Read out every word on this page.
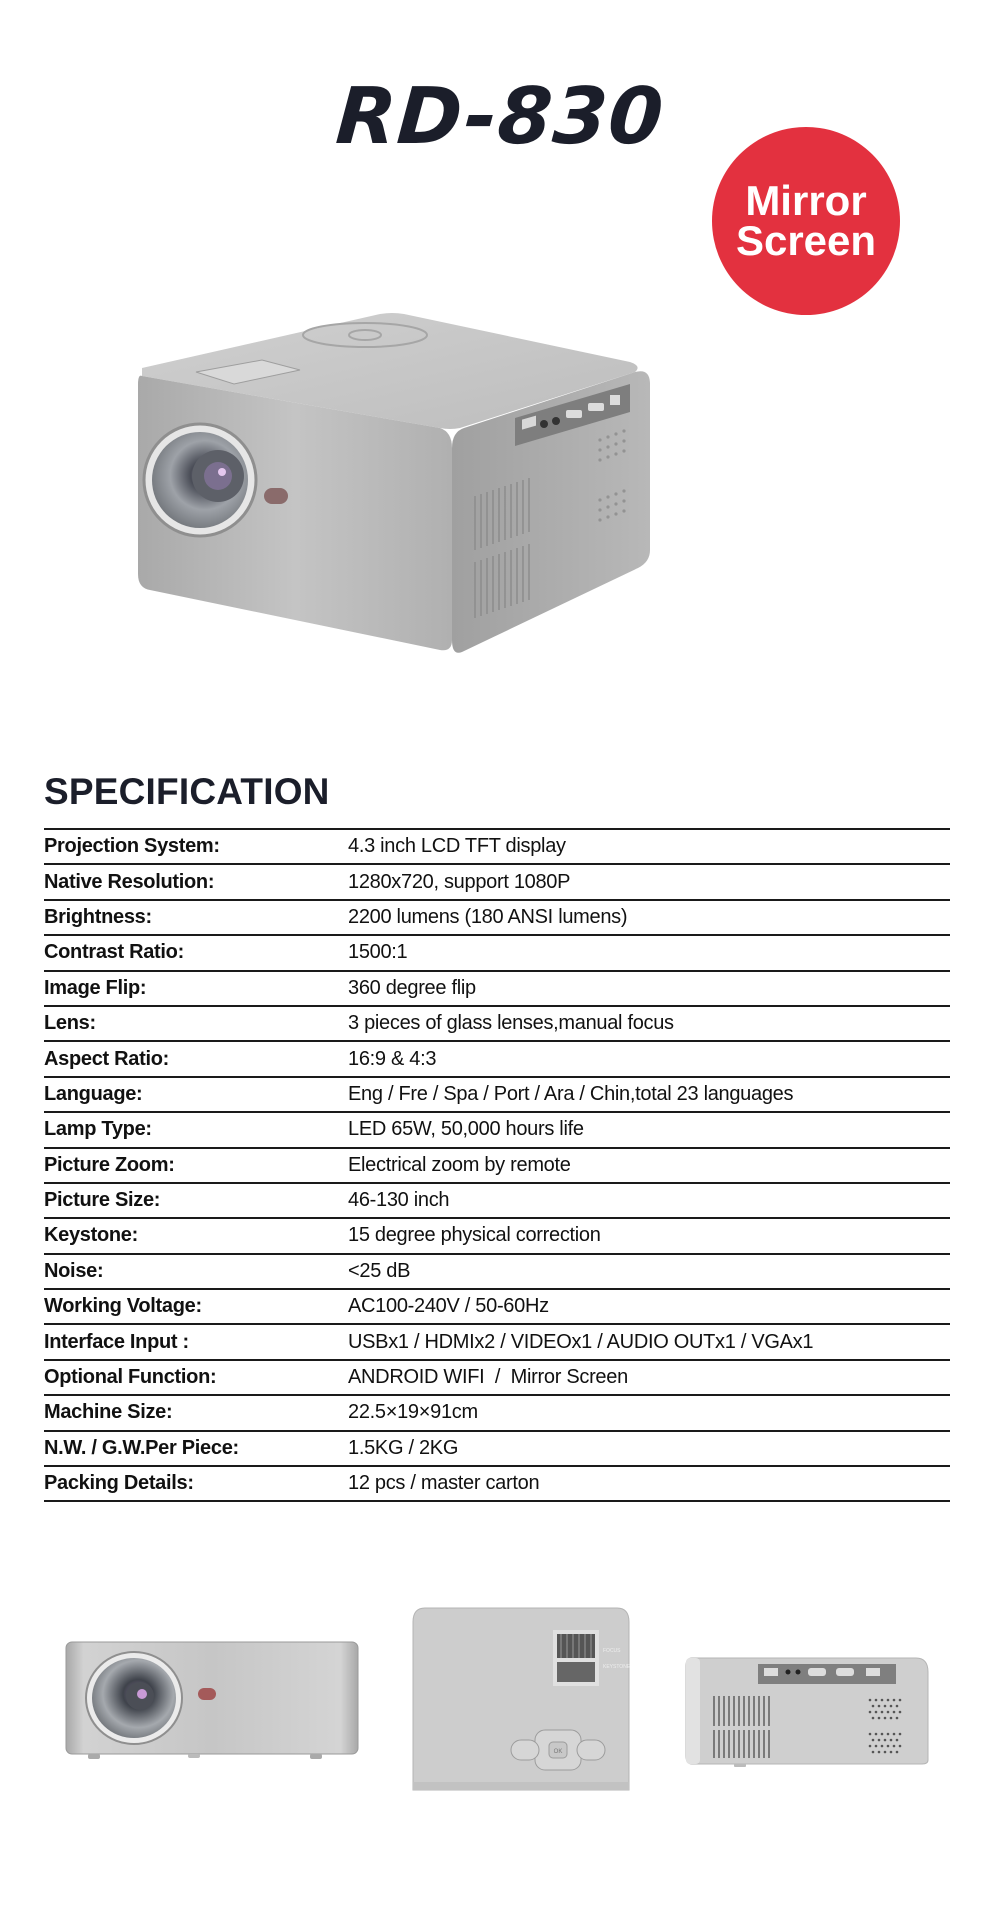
RD-830
Mirror
Screen
SPECIFICATION
Projection System:	4.3 inch LCD TFT display
Native Resolution:	1280x720, support 1080P
Brightness:	2200 lumens (180 ANSI lumens)
Contrast Ratio:	1500:1
Image Flip:	360 degree flip
Lens:	3 pieces of glass lenses,manual focus
Aspect Ratio:	16:9 & 4:3
Language:	Eng / Fre / Spa / Port / Ara / Chin,total 23 languages
Lamp Type:	LED 65W, 50,000 hours life
Picture Zoom:	Electrical zoom by remote
Picture Size:	46-130 inch
Keystone:	15 degree physical correction
Noise:	<25 dB
Working Voltage:	AC100-240V / 50-60Hz
Interface Input :	USBx1 / HDMIx2 / VIDEOx1 / AUDIO OUTx1 / VGAx1
Optional Function:	ANDROID WIFI  /  Mirror Screen
Machine Size:	22.5×19×91cm
N.W. / G.W.Per Piece:	1.5KG / 2KG
Packing Details:	12 pcs / master carton
FOCUS
KEYSTONE
OK
